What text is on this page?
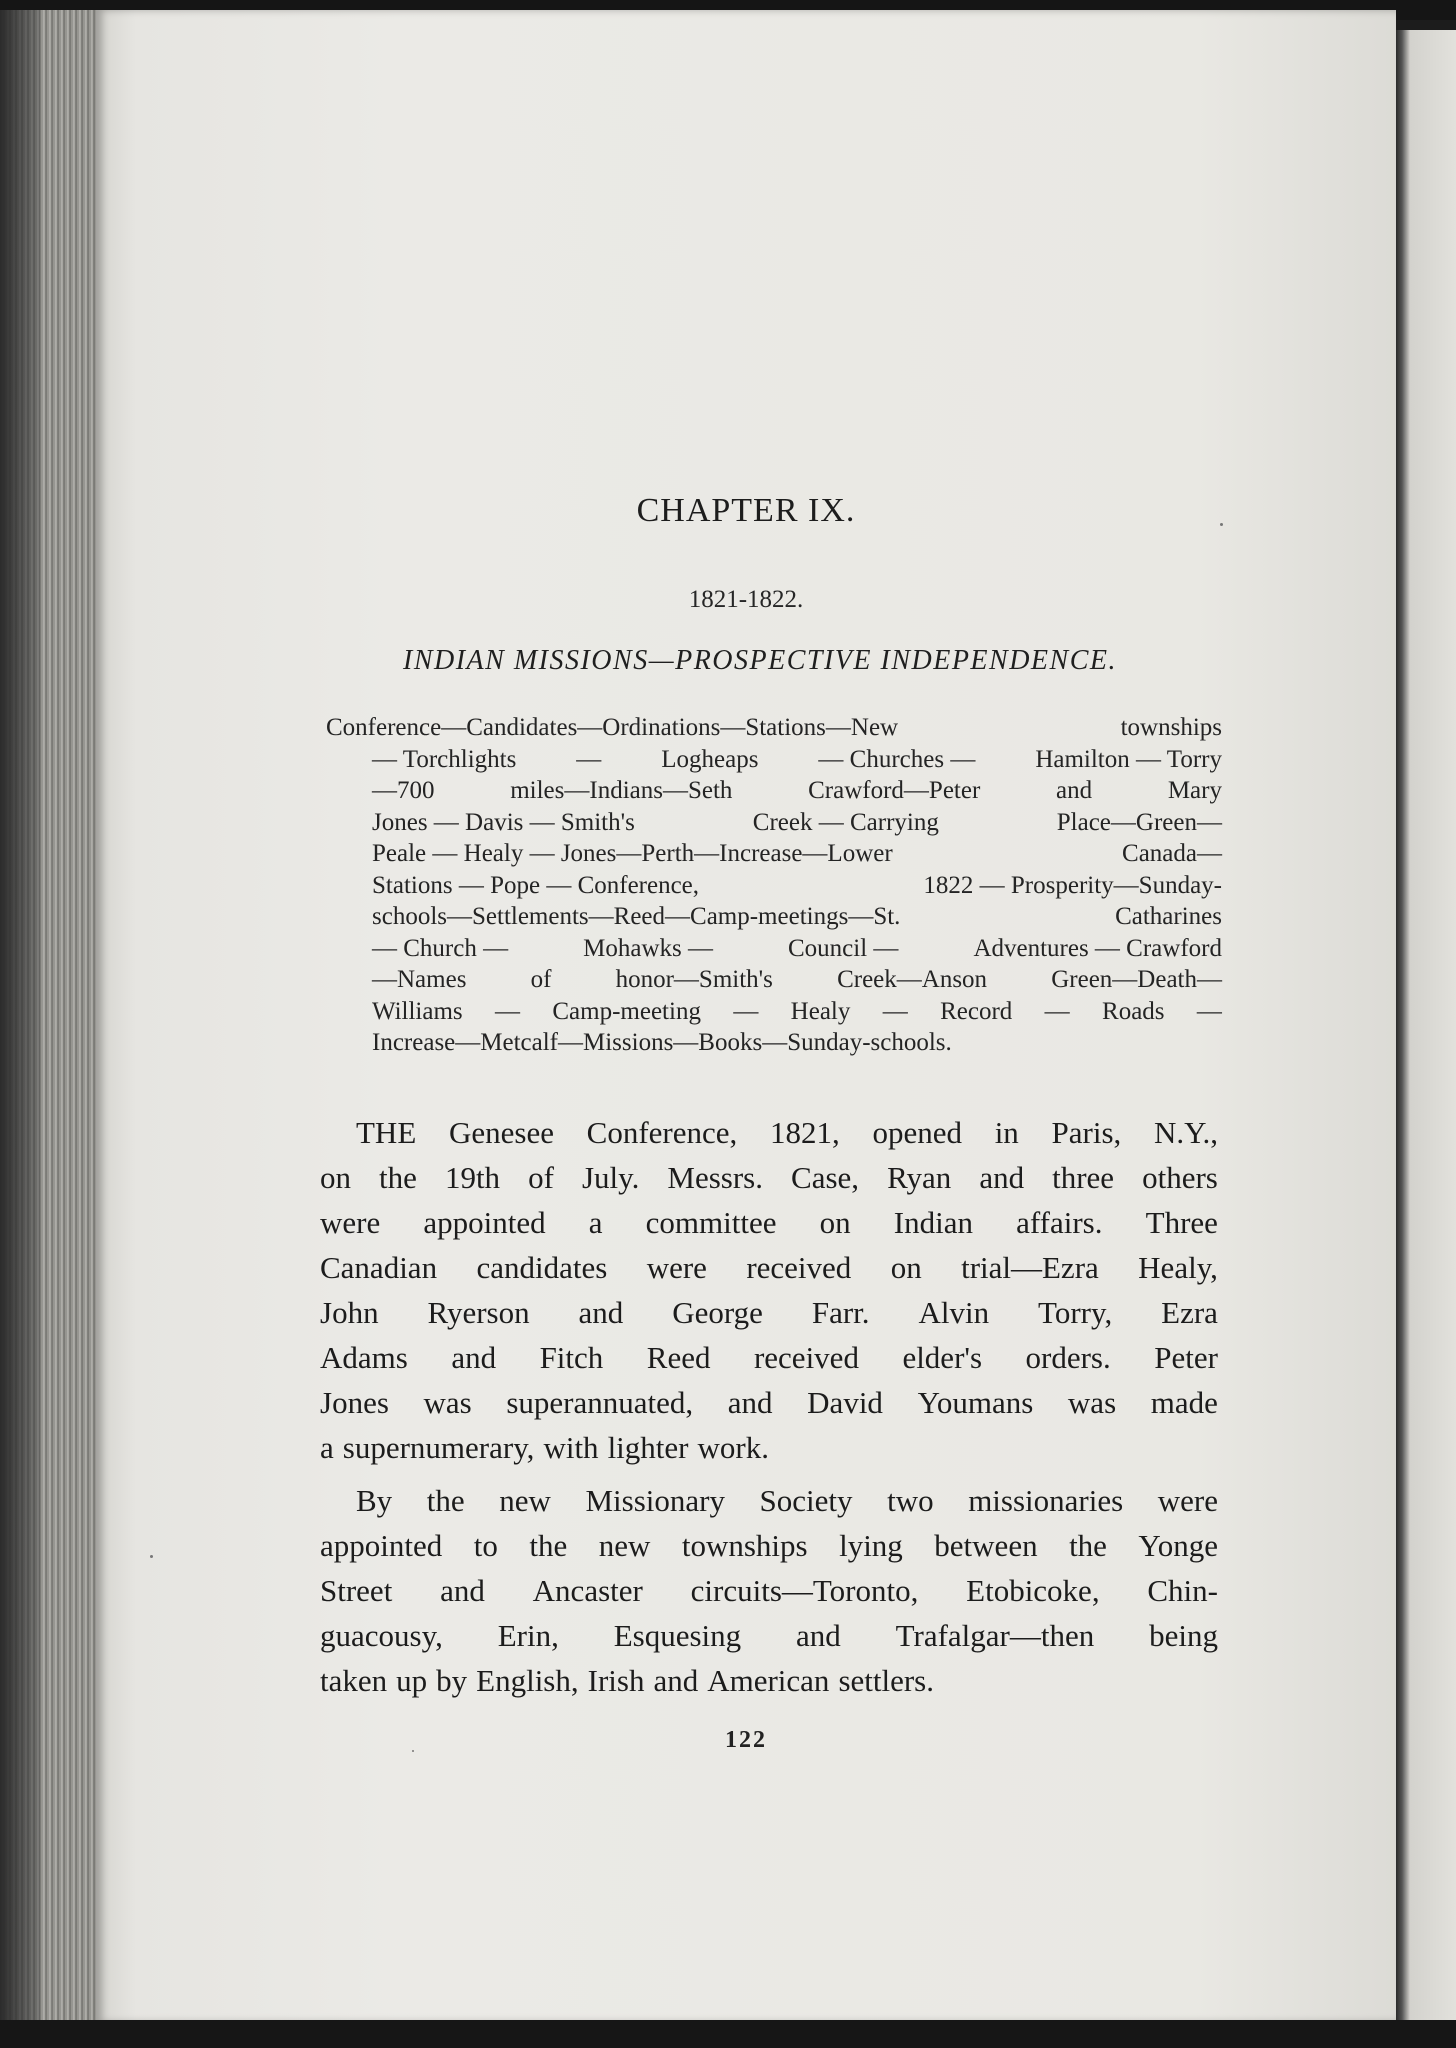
CHAPTER IX.
1821-1822.
INDIAN MISSIONS—PROSPECTIVE INDEPENDENCE.
Conference—Candidates—Ordinations—Stations—New	townships
— Torchlights — Logheaps — Churches — Hamilton — Torry
—700	miles—Indians—Seth	Crawford—Peter	and	Mary
Jones — Davis — Smith's	Creek — Carrying	Place—Green—
Peale — Healy — Jones—Perth—Increase—Lower	Canada—
Stations — Pope — Conference,	1822 — Prosperity—Sunday-
schools—Settlements—Reed—Camp-meetings—St.	Catharines
— Church —	Mohawks —	Council —	Adventures — Crawford
—Names	of	honor—Smith's	Creek—Anson	Green—Death—
Williams — Camp-meeting — Healy — Record — Roads —
Increase—Metcalf—Missions—Books—Sunday-schools.
THE Genesee Conference, 1821, opened in Paris, N.Y.,
on the 19th of July. Messrs. Case, Ryan and three others
were appointed a committee on Indian affairs. Three
Canadian candidates were received on trial—Ezra Healy,
John Ryerson and George Farr. Alvin Torry, Ezra
Adams and Fitch Reed received elder's orders. Peter
Jones was superannuated, and David Youmans was made
a supernumerary, with lighter work.
By the new Missionary Society two missionaries were
appointed to the new townships lying between the Yonge
Street and Ancaster circuits—Toronto, Etobicoke, Chin-
guacousy, Erin, Esquesing and Trafalgar—then being
taken up by English, Irish and American settlers.
122
